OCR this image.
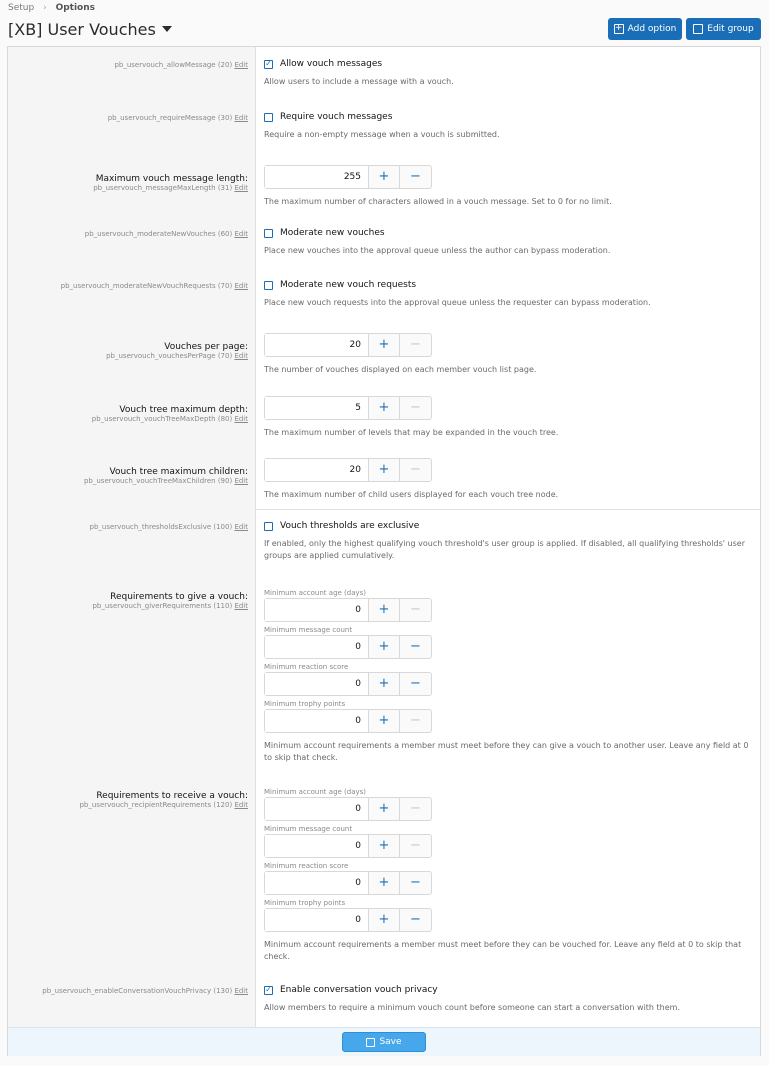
Setup › Options
[XB] User Vouches	+ Add option	Edit group
pb_uservouch_allowMessage (20) Edit ✓ Allow vouch messages
Allow users to include a message with a vouch.
pb_uservouch_requireMessage (30) Edit	Require vouch messages
Require a non-empty message when a vouch is submitted.
Maximum vouch message length:
pb_uservouch_messageMaxLength (31) Edit
255	+	−
The maximum number of characters allowed in a vouch message. Set to 0 for no limit.
pb_uservouch_moderateNewVouches (60) Edit	Moderate new vouches
Place new vouches into the approval queue unless the author can bypass moderation.
pb_uservouch_moderateNewVouchRequests (70) Edit	Moderate new vouch requests
Place new vouch requests into the approval queue unless the requester can bypass moderation.
Vouches per page:
pb_uservouch_vouchesPerPage (70) Edit
20	+	−
The number of vouches displayed on each member vouch list page.
Vouch tree maximum depth:
pb_uservouch_vouchTreeMaxDepth (80) Edit
5	+	−
The maximum number of levels that may be expanded in the vouch tree.
Vouch tree maximum children:
pb_uservouch_vouchTreeMaxChildren (90) Edit
20	+	−
The maximum number of child users displayed for each vouch tree node.
pb_uservouch_thresholdsExclusive (100) Edit	Vouch thresholds are exclusive
If enabled, only the highest qualifying vouch threshold's user group is applied. If disabled, all qualifying thresholds' user groups are applied cumulatively.
Requirements to give a vouch:
pb_uservouch_giverRequirements (110) Edit
Minimum account age (days)
0	+	−
Minimum message count
0	+	−
Minimum reaction score
0	+	−
Minimum trophy points
0	+	−
Minimum account requirements a member must meet before they can give a vouch to another user. Leave any field at 0 to skip that check.
Requirements to receive a vouch:
pb_uservouch_recipientRequirements (120) Edit
Minimum account age (days)
0	+	−
Minimum message count
0	+	−
Minimum reaction score
0	+	−
Minimum trophy points
0	+	−
Minimum account requirements a member must meet before they can be vouched for. Leave any field at 0 to skip that check.
pb_uservouch_enableConversationVouchPrivacy (130) Edit ✓ Enable conversation vouch privacy
Allow members to require a minimum vouch count before someone can start a conversation with them.
Save
